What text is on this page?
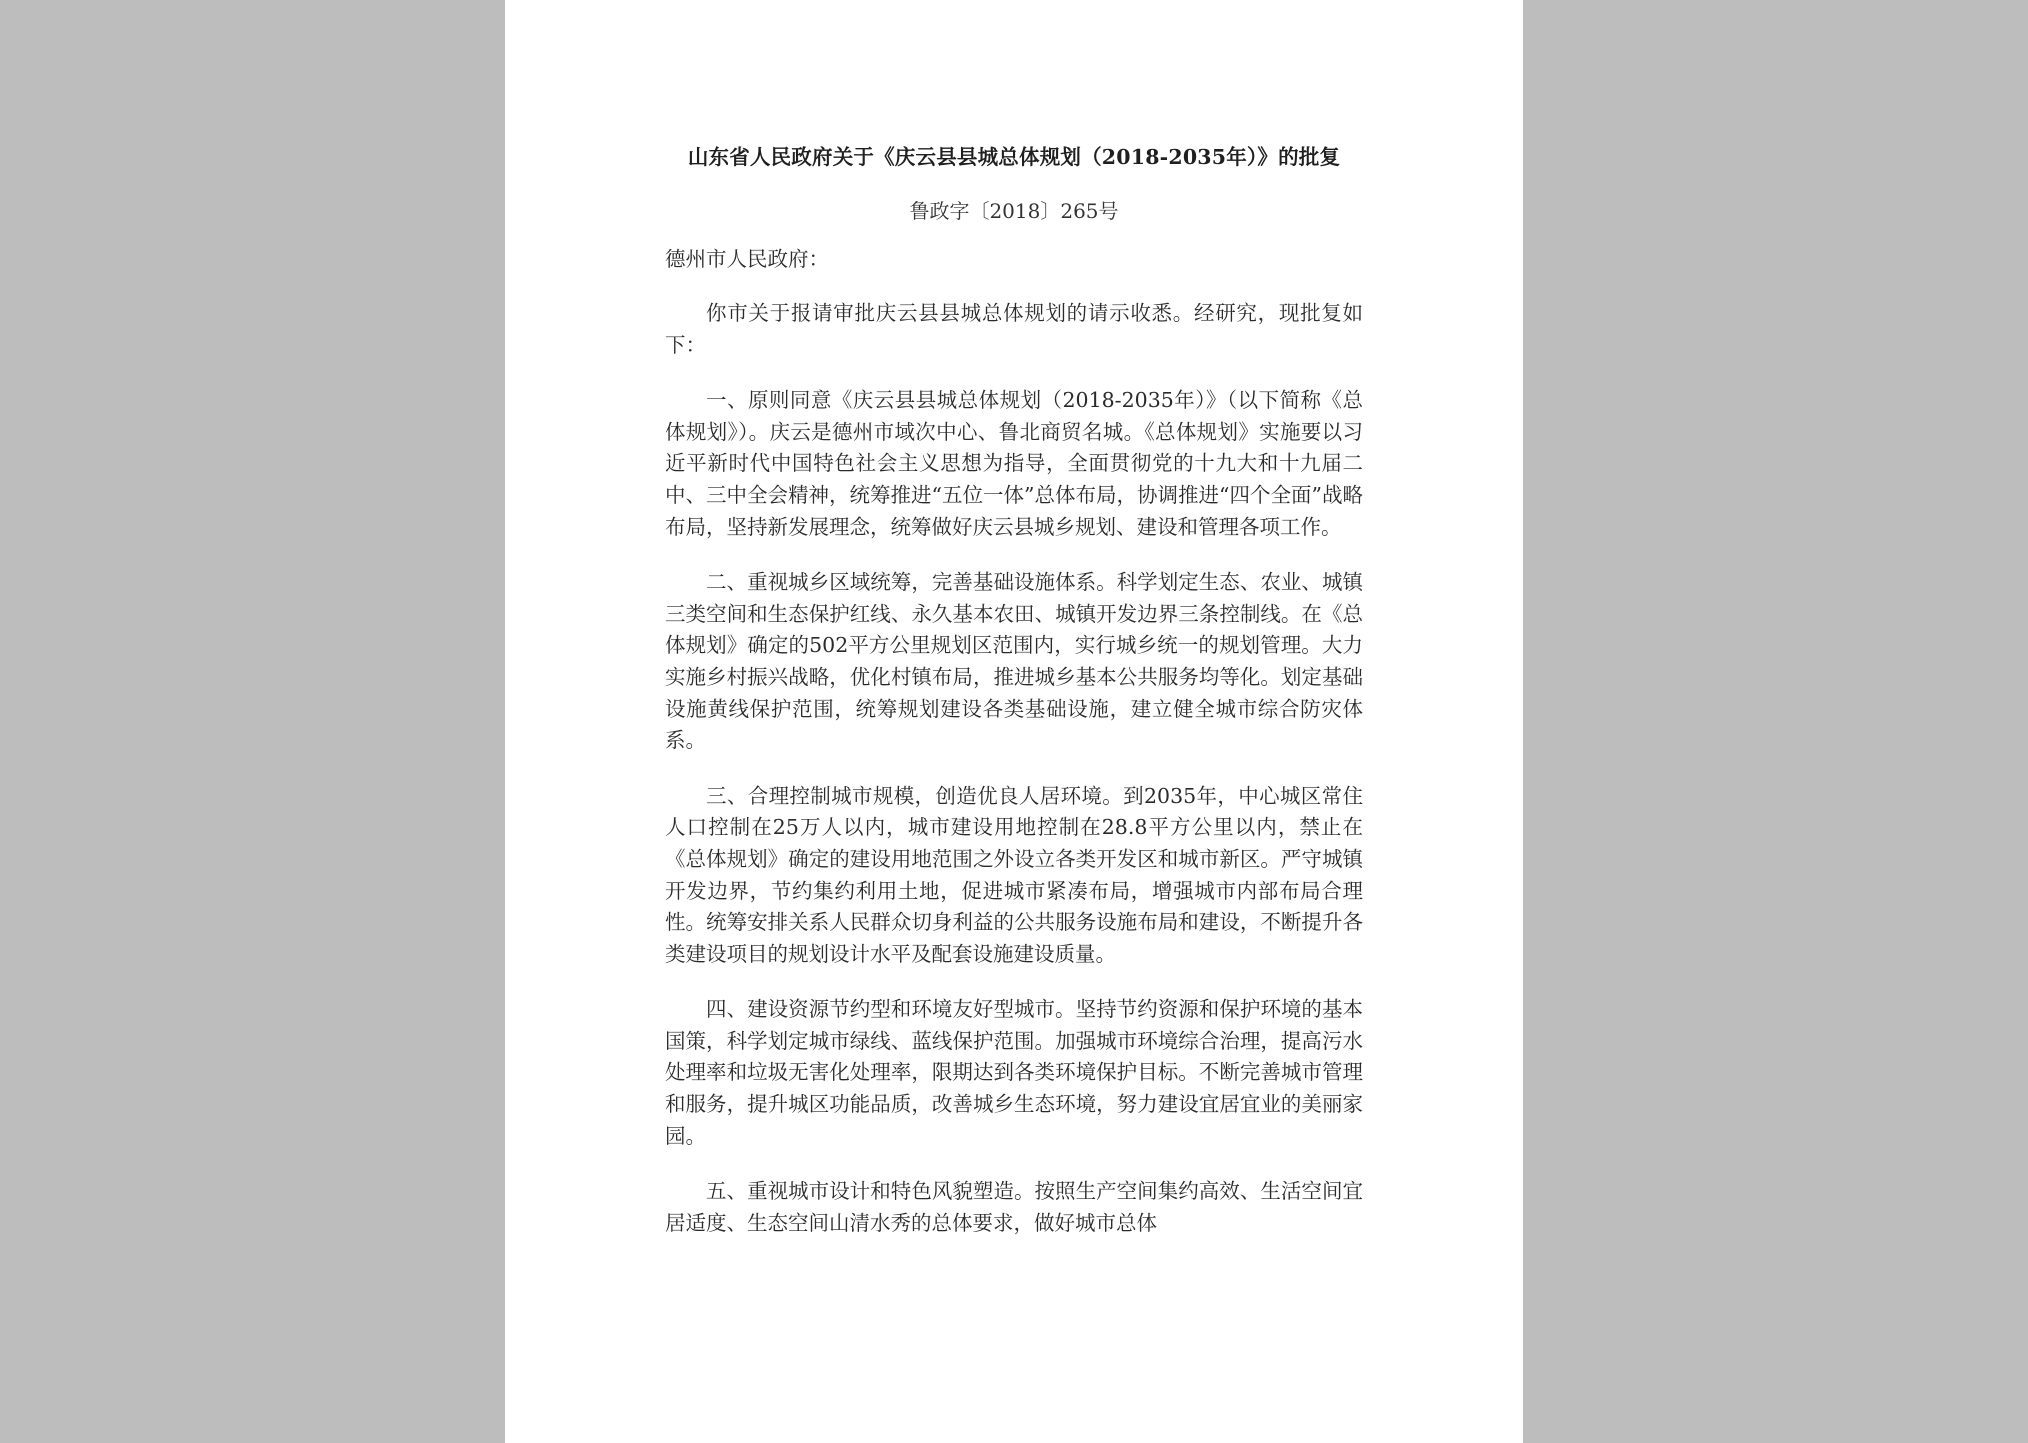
山东省人民政府关于《庆云县县城总体规划（2018-2035年）》的批复
鲁政字〔2018〕265号
德州市人民政府：

你市关于报请审批庆云县县城总体规划的请示收悉。经研究，现批复如下：

一、原则同意《庆云县县城总体规划（2018-2035年）》（以下简称《总体规划》）。庆云是德州市域次中心、鲁北商贸名城。《总体规划》实施要以习近平新时代中国特色社会主义思想为指导，全面贯彻党的十九大和十九届二中、三中全会精神，统筹推进“五位一体”总体布局，协调推进“四个全面”战略布局，坚持新发展理念，统筹做好庆云县城乡规划、建设和管理各项工作。

二、重视城乡区域统筹，完善基础设施体系。科学划定生态、农业、城镇三类空间和生态保护红线、永久基本农田、城镇开发边界三条控制线。在《总体规划》确定的502平方公里规划区范围内，实行城乡统一的规划管理。大力实施乡村振兴战略，优化村镇布局，推进城乡基本公共服务均等化。划定基础设施黄线保护范围，统筹规划建设各类基础设施，建立健全城市综合防灾体系。

三、合理控制城市规模，创造优良人居环境。到2035年，中心城区常住人口控制在25万人以内，城市建设用地控制在28.8平方公里以内，禁止在《总体规划》确定的建设用地范围之外设立各类开发区和城市新区。严守城镇开发边界，节约集约利用土地，促进城市紧凑布局，增强城市内部布局合理性。统筹安排关系人民群众切身利益的公共服务设施布局和建设，不断提升各类建设项目的规划设计水平及配套设施建设质量。

四、建设资源节约型和环境友好型城市。坚持节约资源和保护环境的基本国策，科学划定城市绿线、蓝线保护范围。加强城市环境综合治理，提高污水处理率和垃圾无害化处理率，限期达到各类环境保护目标。不断完善城市管理和服务，提升城区功能品质，改善城乡生态环境，努力建设宜居宜业的美丽家园。

五、重视城市设计和特色风貌塑造。按照生产空间集约高效、生活空间宜居适度、生态空间山清水秀的总体要求，做好城市总体
